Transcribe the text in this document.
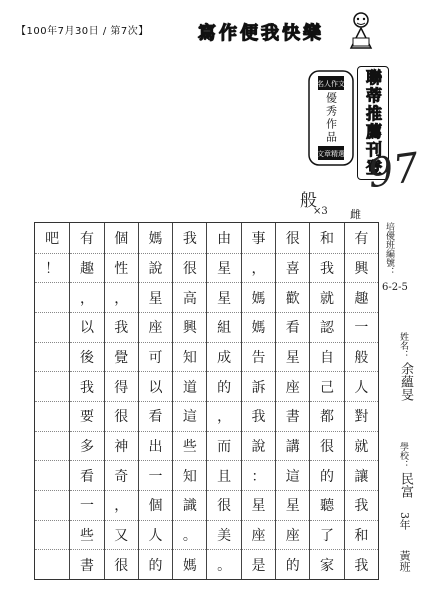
【100年7月30日 / 第7次】	寫作便我快樂
名人作文
優秀作品
文章精選 聯蒂推薦刊登
97
般
×3 雌
培優班編號：
6-2-5
姓名：
余蘊旻
學校：
民富
3年
黃班
吧
！
有
趣
，
以
後
我
要
多
看
一
些
書
個
性
，
我
覺
得
很
神
奇
，
又
很
媽
說
星
座
可
以
看
出
一
個
人
的
我
很
高
興
知
道
這
些
知
識
。
媽
由
星
星
組
成
的
，
而
且
很
美
。
事
，
媽
媽
告
訴
我
說
：
星
座
是
很
喜
歡
看
星
座
書
講
這
星
座
的
和
我
就
認
自
己
都
很
的
聽
了
家
有
興
趣
一
般
人
對
就
讓
我
和
我
